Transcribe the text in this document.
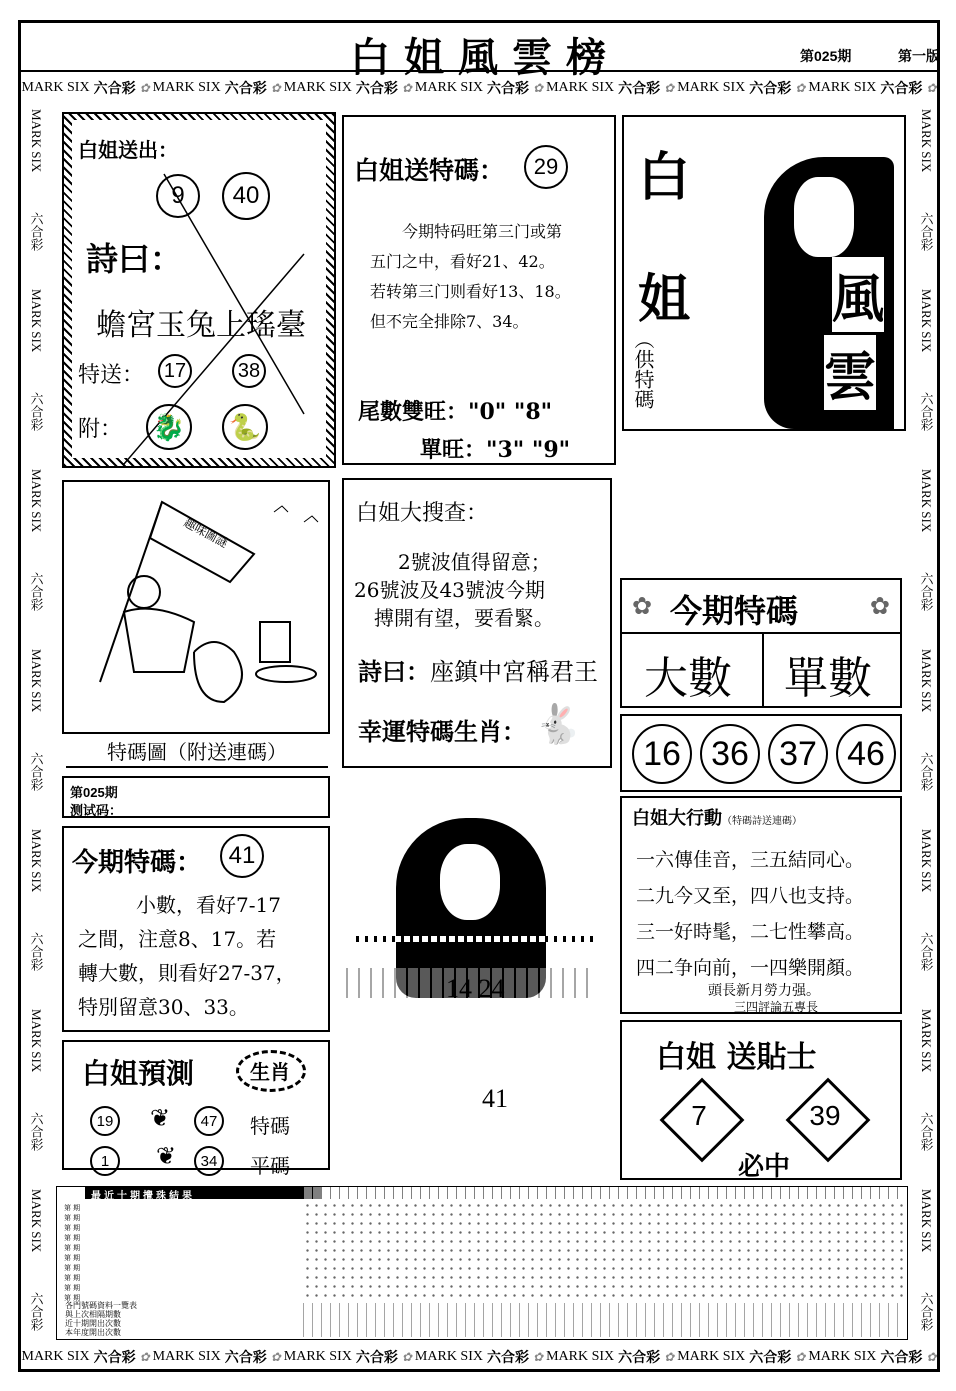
白姐風雲榜	第025期	第一版
MARK SIX 六合彩 ✿ MARK SIX 六合彩 ✿ MARK SIX 六合彩 ✿ MARK SIX 六合彩 ✿ MARK SIX 六合彩 ✿ MARK SIX 六合彩 ✿ MARK SIX 六合彩 ✿
MARK SIX 六合彩 ✿ MARK SIX 六合彩 ✿ MARK SIX 六合彩 ✿ MARK SIX 六合彩 ✿ MARK SIX 六合彩 ✿ MARK SIX 六合彩 ✿ MARK SIX 六合彩 ✿
MARK SIX
六合彩
MARK SIX
六合彩
MARK SIX
六合彩
MARK SIX
六合彩
MARK SIX
六合彩
MARK SIX
六合彩
MARK SIX
六合彩
MARK SIX
六合彩
MARK SIX
六合彩
MARK SIX
六合彩
MARK SIX
六合彩
MARK SIX
六合彩
MARK SIX
六合彩
MARK SIX
六合彩
白姐送出：
9	40
詩曰：
蟾宮玉兔上瑤臺
特送： 17	38
附： 🐉 🐍
白姐送特碼：	29
今期特码旺第三门或第
五门之中，看好21、42。
若转第三门则看好13、18。
但不完全排除7、34。
尾數雙旺："0" "8"
單旺："3" "9"
白
姐	風
雲
（供特碼
趣味圖謎
特碼圖（附送連碼）
白姐大搜查：
2號波值得留意；
26號波及43號波今期
搏開有望，要看緊。
詩曰：座鎮中宮稱君王
幸運特碼生肖： 🐇
✿	✿
今期特碼
大數 單數
16 36 37 46
第025期
测试码：
今期特碼：	41
小數，看好7-17
之間，注意8、17。若
轉大數，則看好27-37，
特別留意30、33。
14 24
41
白姐大行動（特碼詩送連碼）
一六傳佳音，三五結同心。
二九今又至，四八也支持。
三一好時髦，二七性攀高。
四二争向前，一四樂開顏。
頭長新月勞力强。
三四評論五專長
白姐預測	生肖
19 ❦	47	特碼
1	❦	34	平碼
白姐 送貼士
7	39
必中
最近十期攪珠結果
第 期
第 期
第 期
第 期
第 期
第 期
第 期
第 期
第 期
第 期
各門號碼資料一覽表
與上次相隔期數
近十期開出次數
本年度開出次數
